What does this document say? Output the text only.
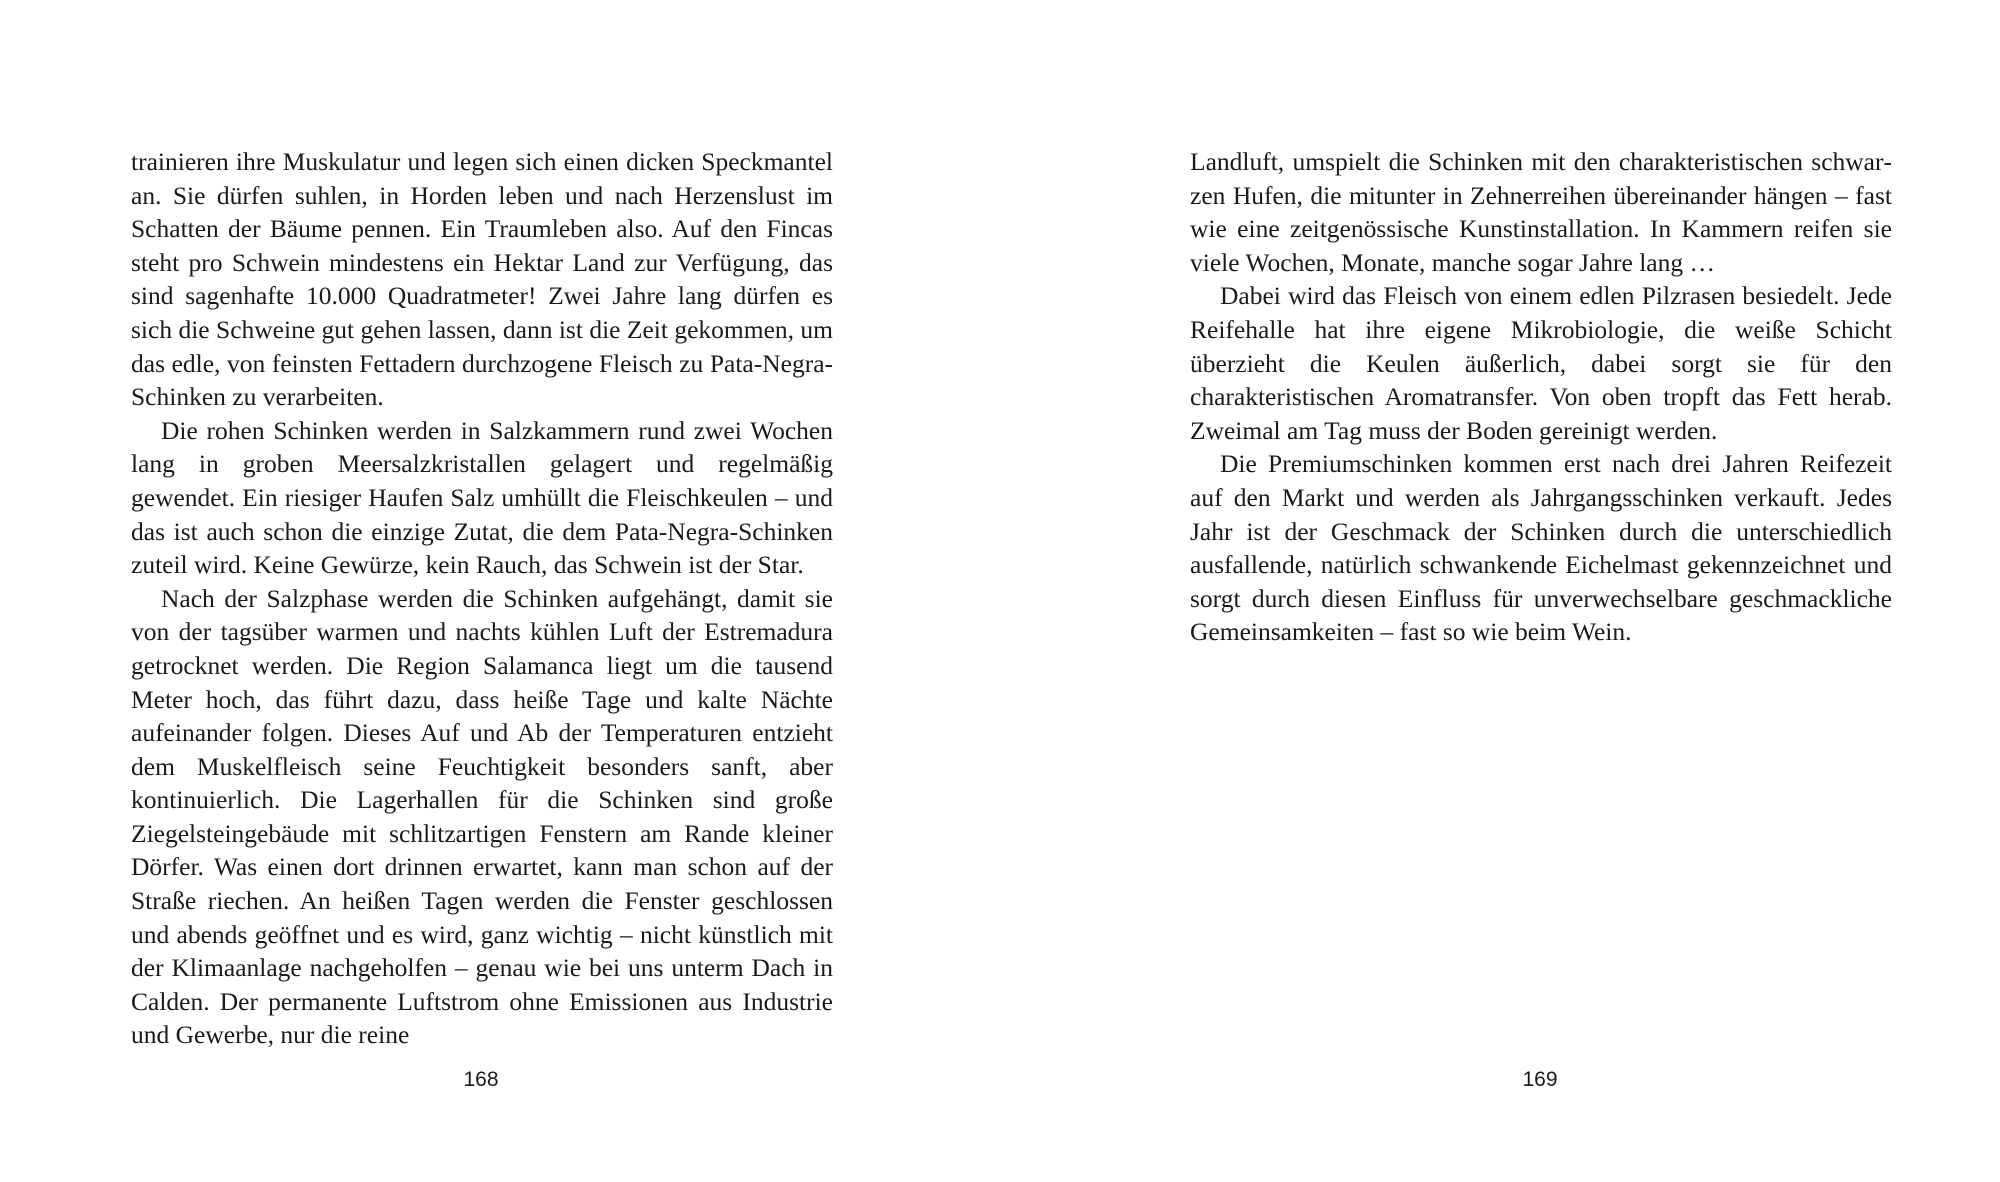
trainieren ihre Muskulatur und legen sich einen dicken Speckmantel an. Sie dürfen suhlen, in Horden leben und nach Herzenslust im Schatten der Bäume pennen. Ein Traumleben also. Auf den Fincas steht pro Schwein mindestens ein Hektar Land zur Verfügung, das sind sagenhafte 10.000 Quadratmeter! Zwei Jahre lang dürfen es sich die Schweine gut gehen lassen, dann ist die Zeit gekommen, um das edle, von feinsten Fettadern durchzogene Fleisch zu Pata-Negra-Schinken zu verarbeiten.

Die rohen Schinken werden in Salzkammern rund zwei Wochen lang in groben Meersalzkristallen gelagert und regelmäßig gewendet. Ein riesiger Haufen Salz umhüllt die Fleischkeulen – und das ist auch schon die einzige Zutat, die dem Pata-Negra-Schinken zuteil wird. Keine Gewürze, kein Rauch, das Schwein ist der Star.

Nach der Salzphase werden die Schinken aufgehängt, damit sie von der tagsüber warmen und nachts kühlen Luft der Estremadura getrocknet werden. Die Region Salamanca liegt um die tausend Meter hoch, das führt dazu, dass heiße Tage und kalte Nächte aufeinander folgen. Dieses Auf und Ab der Temperaturen entzieht dem Muskelfleisch seine Feuchtigkeit besonders sanft, aber kontinuierlich. Die Lagerhallen für die Schinken sind große Ziegelsteingebäude mit schlitzartigen Fenstern am Rande kleiner Dörfer. Was einen dort drinnen erwartet, kann man schon auf der Straße riechen. An heißen Tagen werden die Fenster geschlossen und abends geöffnet und es wird, ganz wichtig – nicht künstlich mit der Klimaanlage nachgeholfen – genau wie bei uns unterm Dach in Calden. Der permanente Luftstrom ohne Emissionen aus Industrie und Gewerbe, nur die reine

168

Landluft, umspielt die Schinken mit den charakteristischen schwarzen Hufen, die mitunter in Zehnerreihen übereinander hängen – fast wie eine zeitgenössische Kunstinstallation. In Kammern reifen sie viele Wochen, Monate, manche sogar Jahre lang …

Dabei wird das Fleisch von einem edlen Pilzrasen besiedelt. Jede Reifehalle hat ihre eigene Mikrobiologie, die weiße Schicht überzieht die Keulen äußerlich, dabei sorgt sie für den charakteristischen Aromatransfer. Von oben tropft das Fett herab. Zweimal am Tag muss der Boden gereinigt werden.

Die Premiumschinken kommen erst nach drei Jahren Reifezeit auf den Markt und werden als Jahrgangsschinken verkauft. Jedes Jahr ist der Geschmack der Schinken durch die unterschiedlich ausfallende, natürlich schwankende Eichelmast gekennzeichnet und sorgt durch diesen Einfluss für unverwechselbare geschmackliche Gemeinsamkeiten – fast so wie beim Wein.

169
